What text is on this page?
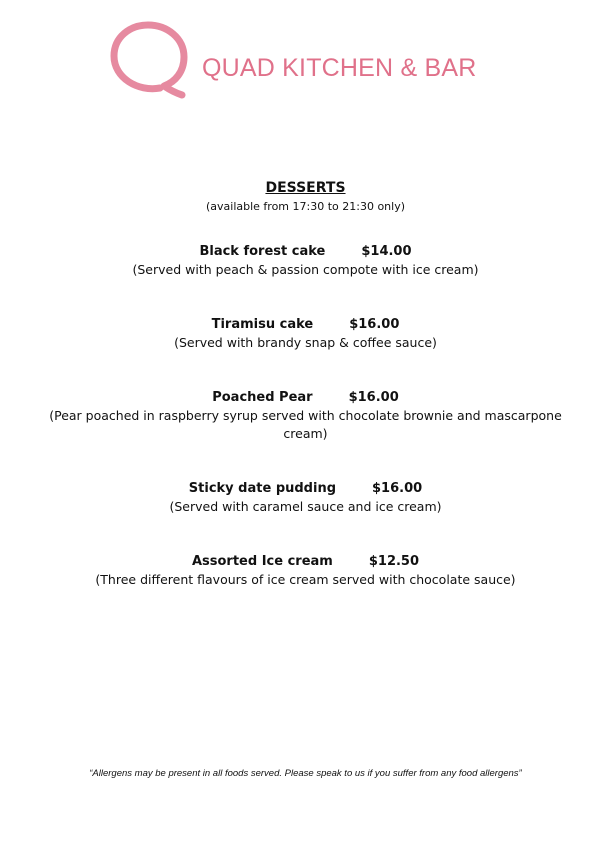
QUAD KITCHEN & BAR

DESSERTS

(available from 17:30 to 21:30 only)

Black forest cake	$14.00

(Served with peach & passion compote with ice cream)

Tiramisu cake	$16.00

(Served with brandy snap & coffee sauce)

Poached Pear	$16.00

(Pear poached in raspberry syrup served with chocolate brownie and mascarpone cream)

Sticky date pudding	$16.00

(Served with caramel sauce and ice cream)

Assorted Ice cream	$12.50

(Three different flavours of ice cream served with chocolate sauce)

“Allergens may be present in all foods served. Please speak to us if you suffer from any food allergens”
